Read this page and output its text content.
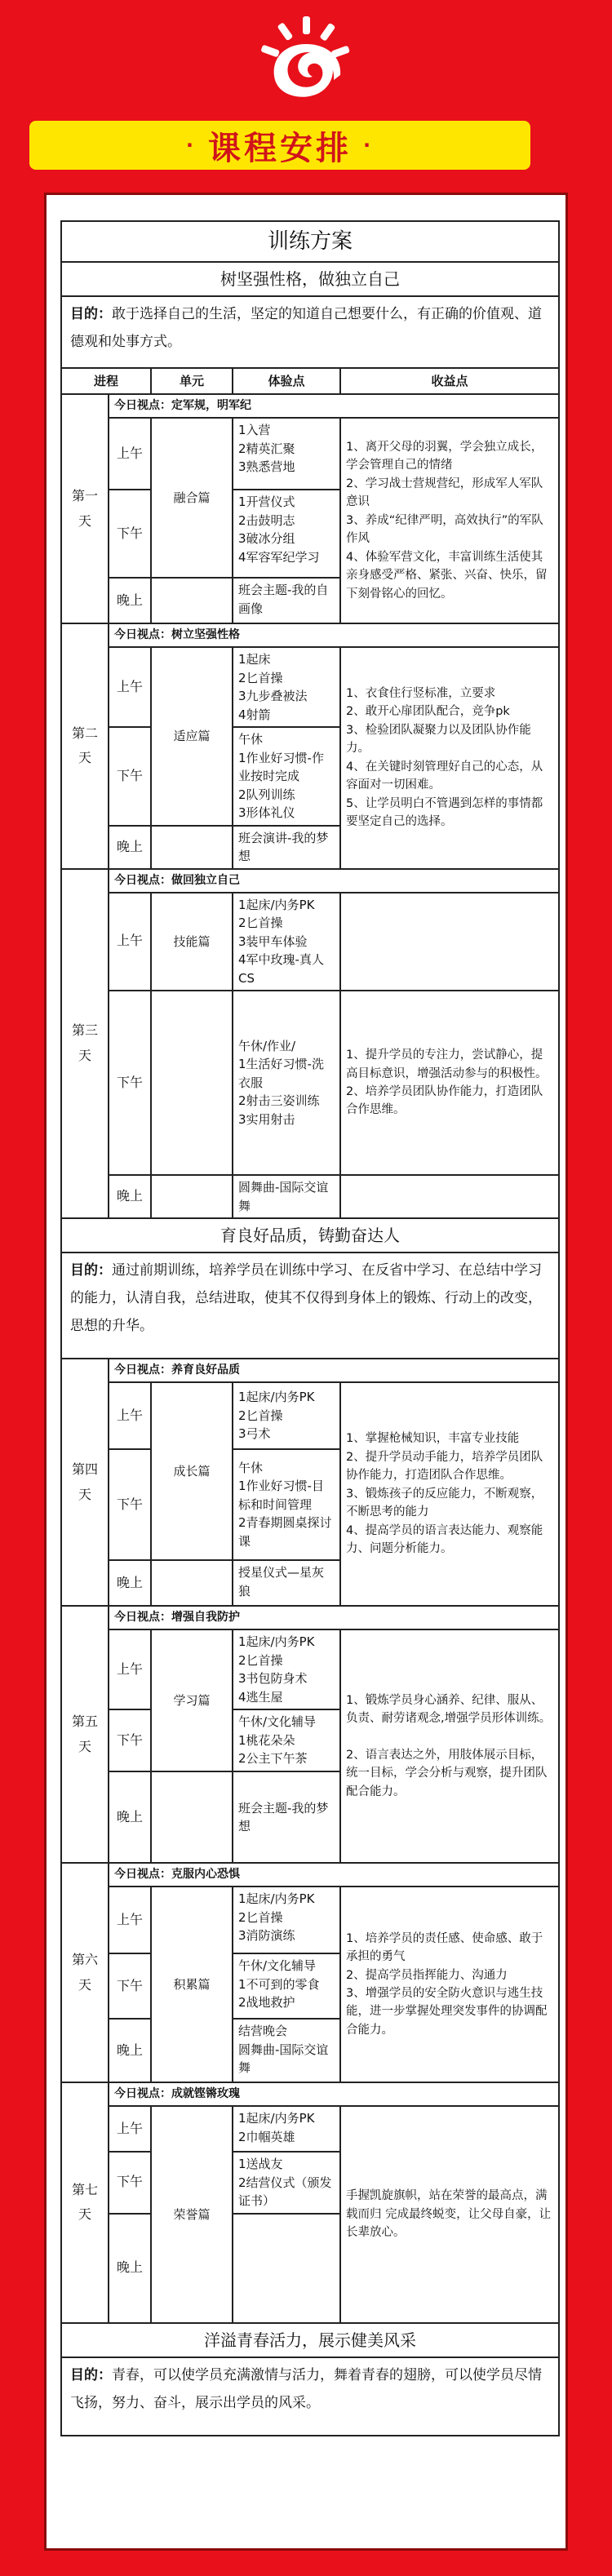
· 课程安排 ·
训练方案				
树坚强性格，做独立自己				
目的：敢于选择自己的生活，坚定的知道自己想要什么，有正确的价值观、道德观和处事方式。				
进程		单元	体验点	收益点
第一天	今日视点：定军规，明军纪			
	上午	融合篇	1入营
2精英汇聚
3熟悉营地	1、离开父母的羽翼，学会独立成长，学会管理自己的情绪
2、学习战士营规营纪，形成军人军队意识
3、养成“纪律严明，高效执行”的军队作风
4、体验军营文化，丰富训练生活使其亲身感受严格、紧张、兴奋、快乐，留下刻骨铭心的回忆。
	下午		1开营仪式
2击鼓明志
3破冰分组
4军容军纪学习	
	晚上		班会主题-我的自画像	
第二天	今日视点：树立坚强性格			
	上午	适应篇	1起床
2匕首操
3九步叠被法
4射箭	1、衣食住行竖标准，立要求
2、敢开心扉团队配合，竞争pk
3、检验团队凝聚力以及团队协作能力。
4、在关键时刻管理好自己的心态，从容面对一切困难。
5、让学员明白不管遇到怎样的事情都要坚定自己的选择。
	下午		午休
1作业好习惯-作业按时完成
2队列训练
3形体礼仪	
	晚上		班会演讲-我的梦想	
第三天	今日视点：做回独立自己			
	上午	技能篇	1起床/内务PK
2匕首操
3装甲车体验
4军中玫瑰-真人CS	
	下午		午休/作业/
1生活好习惯-洗衣服
2射击三姿训练
3实用射击	1、提升学员的专注力，尝试静心，提高目标意识，增强活动参与的积极性。
2、培养学员团队协作能力，打造团队合作思维。
	晚上		圆舞曲-国际交谊舞	
育良好品质，铸勤奋达人				
目的：通过前期训练，培养学员在训练中学习、在反省中学习、在总结中学习的能力，认清自我，总结进取，使其不仅得到身体上的锻炼、行动上的改变，思想的升华。				
第四天	今日视点：养育良好品质			
	上午	成长篇	1起床/内务PK
2匕首操
3弓术	1、掌握枪械知识，丰富专业技能
2、提升学员动手能力，培养学员团队协作能力，打造团队合作思维。
3、锻炼孩子的反应能力，不断观察，不断思考的能力
4、提高学员的语言表达能力、观察能力、问题分析能力。
	下午		午休
1作业好习惯-目标和时间管理
2青春期圆桌探讨课	
	晚上		授星仪式—星灰狼	
第五天	今日视点：增强自我防护			
	上午	学习篇	1起床/内务PK
2匕首操
3书包防身术
4逃生屋	1、锻炼学员身心涵养、纪律、服从、负责、耐劳诸观念,增强学员形体训练。

2、语言表达之外，用肢体展示目标，统一目标，学会分析与观察，提升团队配合能力。
	下午		午休/文化辅导
1桃花朵朵
2公主下午茶	
	晚上		班会主题-我的梦想	
第六天	今日视点：克服内心恐惧			
	上午	积累篇	1起床/内务PK
2匕首操
3消防演练	1、培养学员的责任感、使命感、敢于承担的勇气
2、提高学员指挥能力、沟通力
3、增强学员的安全防火意识与逃生技能，进一步掌握处理突发事件的协调配合能力。
	下午		午休/文化辅导
1不可到的零食
2战地救护	
	晚上		结营晚会
圆舞曲-国际交谊舞	
第七天	今日视点：成就铿锵玫瑰			
	上午	荣誉篇	1起床/内务PK
2巾帼英雄	手握凯旋旗帜，站在荣誉的最高点，满载而归 完成最终蜕变，让父母自豪，让长辈放心。
	下午		1送战友
2结营仪式（颁发证书）	
	晚上			
洋溢青春活力，展示健美风采				
目的：青春，可以使学员充满激情与活力，舞着青春的翅膀，可以使学员尽情飞扬，努力、奋斗，展示出学员的风采。				
